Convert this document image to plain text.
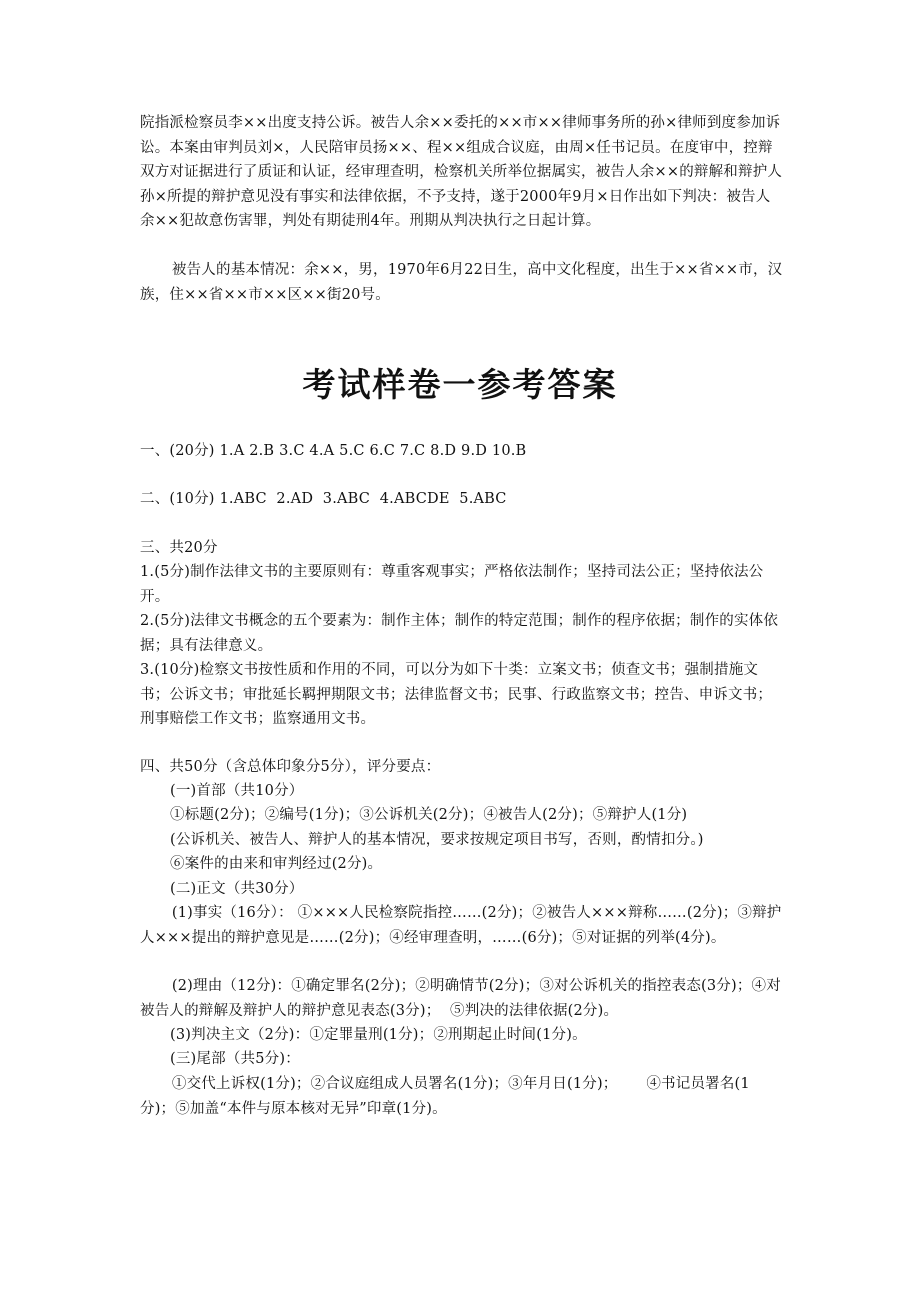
院指派检察员李××出度支持公诉。被告人余××委托的××市××律师事务所的孙×律师到度参加诉讼。本案由审判员刘×，人民陪审员扬××、程××组成合议庭，由周×任书记员。在度审中，控辩双方对证据进行了质证和认证，经审理查明，检察机关所举位据属实，被告人余××的辩解和辩护人孙×所提的辩护意见没有事实和法律依据，不予支持，遂于2000年9月×日作出如下判决：被告人余××犯故意伤害罪，判处有期徒刑4年。刑期从判决执行之日起计算。
被告人的基本情况：余××，男，1970年6月22日生，高中文化程度，出生于××省××市，汉族，住××省××市××区××街20号。
考试样卷一参考答案
一、(20分) 1.A 2.B 3.C 4.A 5.C 6.C 7.C 8.D 9.D 10.B
二、(10分) 1.ABC  2.AD  3.ABC  4.ABCDE  5.ABC
三、共20分
1.(5分)制作法律文书的主要原则有：尊重客观事实；严格依法制作；坚持司法公正；坚持依法公开。
2.(5分)法律文书概念的五个要素为：制作主体；制作的特定范围；制作的程序依据；制作的实体依据；具有法律意义。
3.(10分)检察文书按性质和作用的不同，可以分为如下十类：立案文书；侦查文书；强制措施文书；公诉文书；审批延长羁押期限文书；法律监督文书；民事、行政监察文书；控告、申诉文书；刑事赔偿工作文书；监察通用文书。
四、共50分（含总体印象分5分），评分要点：
(一)首部（共10分）
①标题(2分)；②编号(1分)；③公诉机关(2分)；④被告人(2分)；⑤辩护人(1分)
(公诉机关、被告人、辩护人的基本情况，要求按规定项目书写，否则，酌情扣分。)
⑥案件的由来和审判经过(2分)。
(二)正文（共30分）
(1)事实（16分）： ①×××人民检察院指控……(2分)；②被告人×××辩称……(2分)；③辩护人×××提出的辩护意见是……(2分)；④经审理查明，……(6分)；⑤对证据的列举(4分)。
(2)理由（12分)：①确定罪名(2分)；②明确情节(2分)；③对公诉机关的指控表态(3分)；④对被告人的辩解及辩护人的辩护意见表态(3分)；  ⑤判决的法律依据(2分)。
(3)判决主文（2分)：①定罪量刑(1分)；②刑期起止时间(1分)。
(三)尾部（共5分)：
①交代上诉权(1分)；②合议庭组成人员署名(1分)；③年月日(1分)；      ④书记员署名(1分)；⑤加盖“本件与原本核对无异”印章(1分)。
